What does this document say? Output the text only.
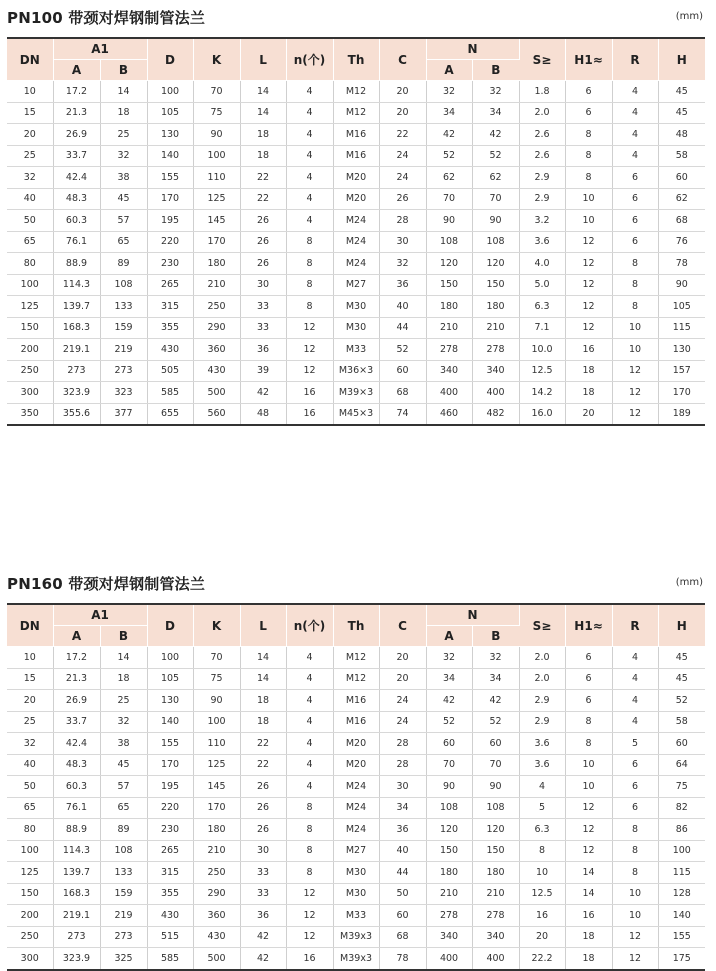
PN100 带颈对焊钢制管法兰	(mm)
DN	A1		D	K	L	n(个)	Th	C	N		S≥	H1≈	R	H
	A	B							A	B				
10	17.2	14	100	70	14	4	M12	20	32	32	1.8	6	4	45
15	21.3	18	105	75	14	4	M12	20	34	34	2.0	6	4	45
20	26.9	25	130	90	18	4	M16	22	42	42	2.6	8	4	48
25	33.7	32	140	100	18	4	M16	24	52	52	2.6	8	4	58
32	42.4	38	155	110	22	4	M20	24	62	62	2.9	8	6	60
40	48.3	45	170	125	22	4	M20	26	70	70	2.9	10	6	62
50	60.3	57	195	145	26	4	M24	28	90	90	3.2	10	6	68
65	76.1	65	220	170	26	8	M24	30	108	108	3.6	12	6	76
80	88.9	89	230	180	26	8	M24	32	120	120	4.0	12	8	78
100	114.3	108	265	210	30	8	M27	36	150	150	5.0	12	8	90
125	139.7	133	315	250	33	8	M30	40	180	180	6.3	12	8	105
150	168.3	159	355	290	33	12	M30	44	210	210	7.1	12	10	115
200	219.1	219	430	360	36	12	M33	52	278	278	10.0	16	10	130
250	273	273	505	430	39	12	M36×3	60	340	340	12.5	18	12	157
300	323.9	323	585	500	42	16	M39×3	68	400	400	14.2	18	12	170
350	355.6	377	655	560	48	16	M45×3	74	460	482	16.0	20	12	189
PN160 带颈对焊钢制管法兰	(mm)
DN	A1		D	K	L	n(个)	Th	C	N		S≥	H1≈	R	H
	A	B							A	B				
10	17.2	14	100	70	14	4	M12	20	32	32	2.0	6	4	45
15	21.3	18	105	75	14	4	M12	20	34	34	2.0	6	4	45
20	26.9	25	130	90	18	4	M16	24	42	42	2.9	6	4	52
25	33.7	32	140	100	18	4	M16	24	52	52	2.9	8	4	58
32	42.4	38	155	110	22	4	M20	28	60	60	3.6	8	5	60
40	48.3	45	170	125	22	4	M20	28	70	70	3.6	10	6	64
50	60.3	57	195	145	26	4	M24	30	90	90	4	10	6	75
65	76.1	65	220	170	26	8	M24	34	108	108	5	12	6	82
80	88.9	89	230	180	26	8	M24	36	120	120	6.3	12	8	86
100	114.3	108	265	210	30	8	M27	40	150	150	8	12	8	100
125	139.7	133	315	250	33	8	M30	44	180	180	10	14	8	115
150	168.3	159	355	290	33	12	M30	50	210	210	12.5	14	10	128
200	219.1	219	430	360	36	12	M33	60	278	278	16	16	10	140
250	273	273	515	430	42	12	M39x3	68	340	340	20	18	12	155
300	323.9	325	585	500	42	16	M39x3	78	400	400	22.2	18	12	175
